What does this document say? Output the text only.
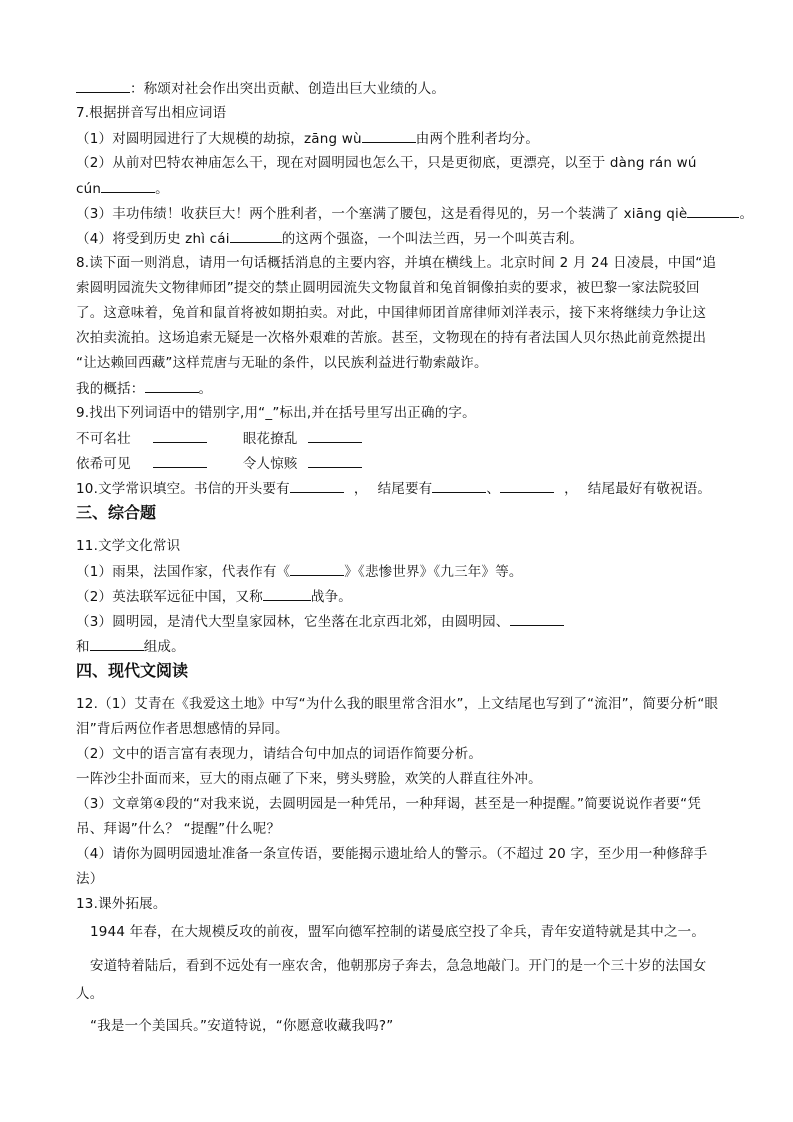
：称颂对社会作出突出贡献、创造出巨大业绩的人。
7.根据拼音写出相应词语
（1）对圆明园进行了大规模的劫掠，zāng wù	由两个胜利者均分。
（2）从前对巴特农神庙怎么干，现在对圆明园也怎么干，只是更彻底，更漂亮，以至于 dàng rán wú
cún	。
（3）丰功伟绩！收获巨大！两个胜利者，一个塞满了腰包，这是看得见的，另一个装满了 xiāng qiè	。
（4）将受到历史 zhì cái	的这两个强盗，一个叫法兰西，另一个叫英吉利。
8.读下面一则消息，请用一句话概括消息的主要内容，并填在横线上。北京时间 2 月 24 日凌晨，中国“追
索圆明园流失文物律师团”提交的禁止圆明园流失文物鼠首和兔首铜像拍卖的要求，被巴黎一家法院驳回
了。这意味着，兔首和鼠首将被如期拍卖。对此，中国律师团首席律师刘洋表示，接下来将继续力争让这
次拍卖流拍。这场追索无疑是一次格外艰难的苦旅。甚至，文物现在的持有者法国人贝尔热此前竟然提出
“让达赖回西藏”这样荒唐与无耻的条件，以民族利益进行勒索敲诈。
我的概括：	。
9.找出下列词语中的错别字,用“_”标出,并在括号里写出正确的字。
不可名壮	眼花撩乱
依希可见	令人惊赅
10.文学常识填空。书信的开头要有	， 结尾要有	、	， 结尾最好有敬祝语。
三、综合题
11.文学文化常识
（1）雨果，法国作家，代表作有《	》《悲惨世界》《九三年》等。
（2）英法联军远征中国，又称	战争。
（3）圆明园，是清代大型皇家园林，它坐落在北京西北郊，由圆明园、
和	组成。
四、现代文阅读
12.（1）艾青在《我爱这土地》中写“为什么我的眼里常含泪水”，上文结尾也写到了“流泪”，简要分析“眼
泪”背后两位作者思想感情的异同。
（2）文中的语言富有表现力，请结合句中加点的词语作简要分析。
一阵沙尘扑面而来，豆大的雨点砸了下来，劈头劈脸，欢笑的人群直往外冲。
（3）文章第④段的“对我来说，去圆明园是一种凭吊，一种拜谒，甚至是一种提醒。”简要说说作者要“凭
吊、拜谒”什么？ “提醒”什么呢？
（4）请你为圆明园遗址准备一条宣传语，要能揭示遗址给人的警示。（不超过 20 字，至少用一种修辞手
法）
13.课外拓展。
1944 年春，在大规模反攻的前夜，盟军向德军控制的诺曼底空投了伞兵，青年安道特就是其中之一。
安道特着陆后，看到不远处有一座农舍，他朝那房子奔去，急急地敲门。开门的是一个三十岁的法国女
人。
“我是一个美国兵。”安道特说，“你愿意收藏我吗?”
